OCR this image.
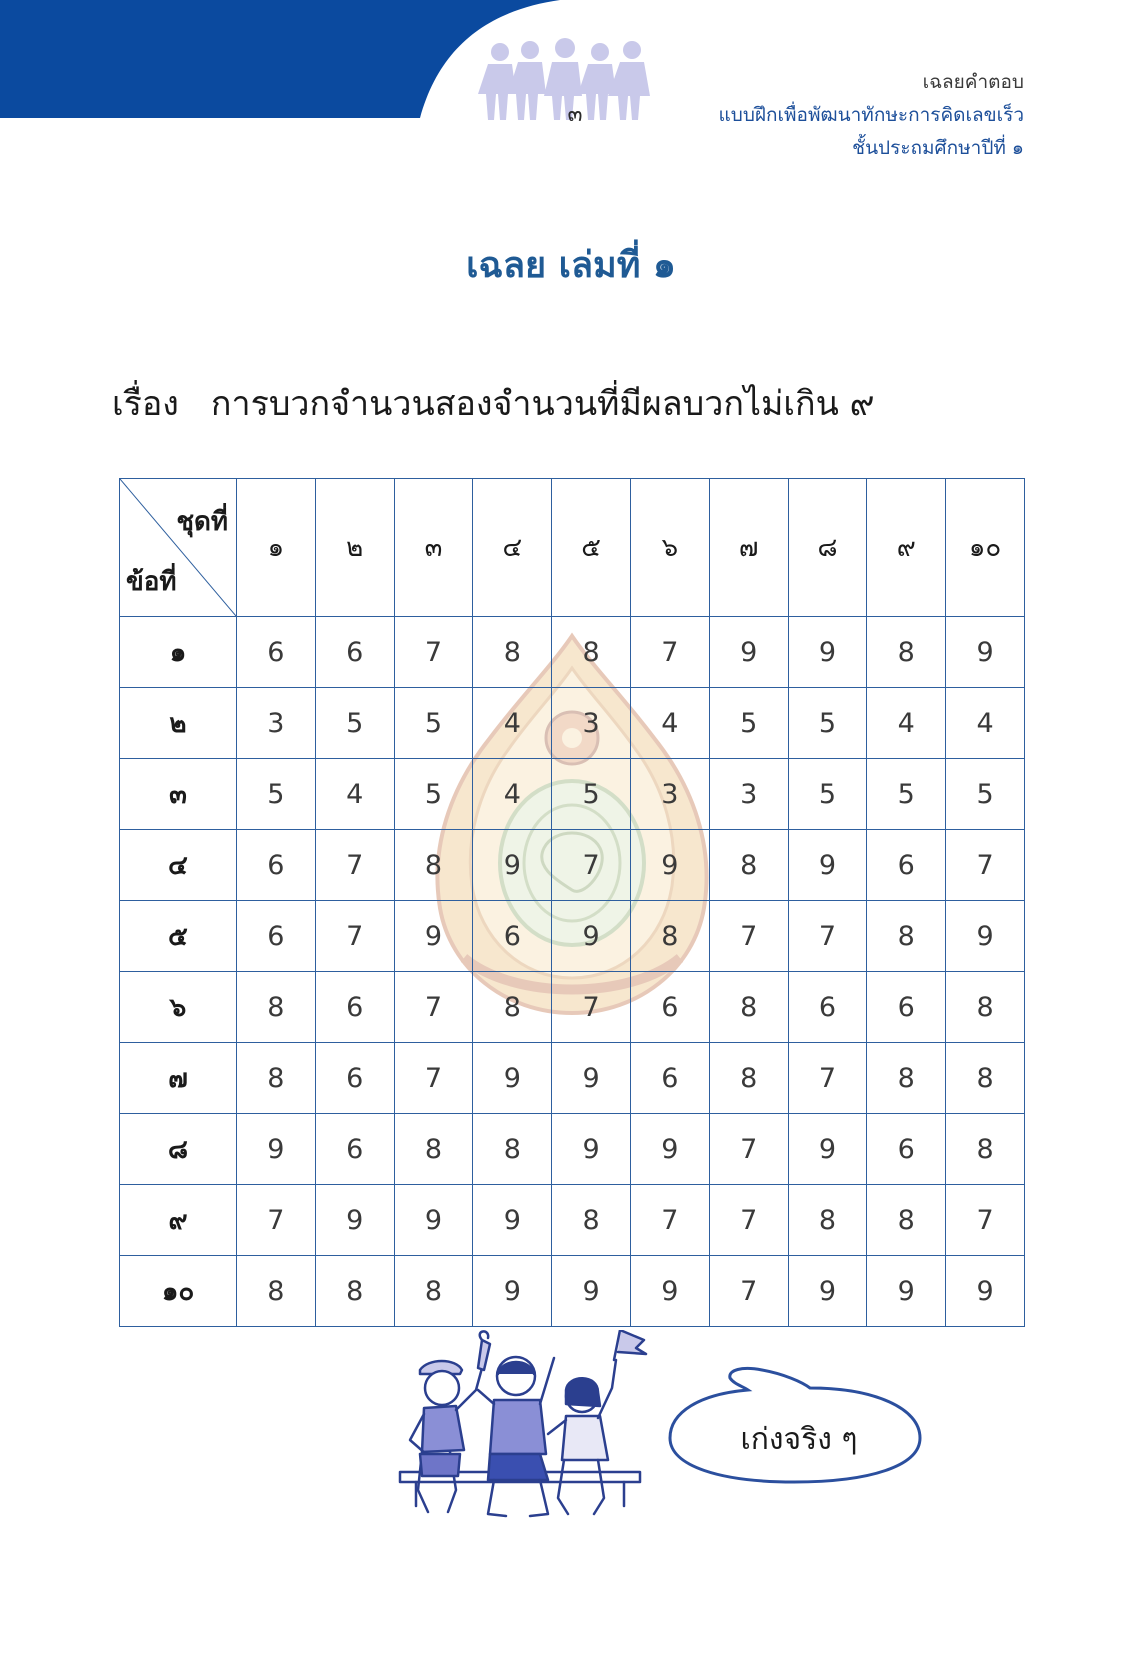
๓
เฉลยคำตอบ
แบบฝึกเพื่อพัฒนาทักษะการคิดเลขเร็ว
ชั้นประถมศึกษาปีที่ ๑
เฉลย เล่มที่ ๑
เรื่อง การบวกจำนวนสองจำนวนที่มีผลบวกไม่เกิน ๙
ชุดที่
ข้อที่	๑	๒	๓	๔	๕	๖	๗	๘	๙	๑๐
๑	6	6	7	8	8	7	9	9	8	9
๒	3	5	5	4	3	4	5	5	4	4
๓	5	4	5	4	5	3	3	5	5	5
๔	6	7	8	9	7	9	8	9	6	7
๕	6	7	9	6	9	8	7	7	8	9
๖	8	6	7	8	7	6	8	6	6	8
๗	8	6	7	9	9	6	8	7	8	8
๘	9	6	8	8	9	9	7	9	6	8
๙	7	9	9	9	8	7	7	8	8	7
๑๐	8	8	8	9	9	9	7	9	9	9
เก่งจริง ๆ
